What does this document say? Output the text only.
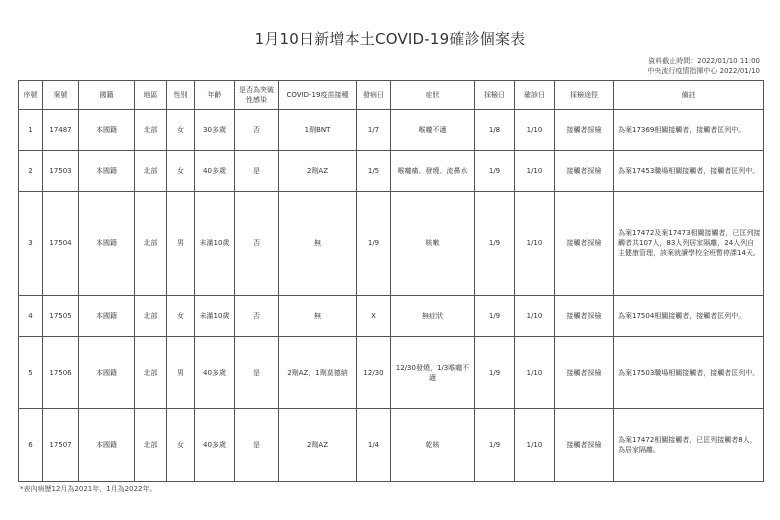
1月10日新增本土COVID-19確診個案表
資料截止時間：2022/01/10 11:00
中央流行疫情指揮中心 2022/01/10
序號	案號	國籍	地區	性別	年齡	是否為突破性感染	COVID-19疫苗接種	發病日	症狀	採檢日	確診日	採檢途徑	備註
1	17487	本國籍	北部	女	30多歲	否	1劑BNT	1/7	喉嚨不適	1/8	1/10	接觸者採檢	為案17369相關接觸者，接觸者匡列中。
2	17503	本國籍	北部	女	40多歲	是	2劑AZ	1/5	喉嚨痛、發燒、流鼻水	1/9	1/10	接觸者採檢	為案17453職場相關接觸者，接觸者匡列中。
3	17504	本國籍	北部	男	未滿10歲	否	無	1/9	咳嗽	1/9	1/10	接觸者採檢	為案17472及案17473相關接觸者，已匡列接觸者共107人，83人列居家隔離，24人列自主健康管理，該案就讀學校全班暫停課14天。
4	17505	本國籍	北部	女	未滿10歲	否	無	X	無症狀	1/9	1/10	接觸者採檢	為案17504相關接觸者，接觸者匡列中。
5	17506	本國籍	北部	男	40多歲	是	2劑AZ，1劑莫德納	12/30	12/30發燒，1/3喉嚨不適	1/9	1/10	接觸者採檢	為案17503職場相關接觸者，接觸者匡列中。
6	17507	本國籍	北部	女	40多歲	是	2劑AZ	1/4	乾咳	1/9	1/10	接觸者採檢	為案17472相關接觸者，已匡列接觸者8人，為居家隔離。
*表內病歷12月為2021年，1月為2022年。
